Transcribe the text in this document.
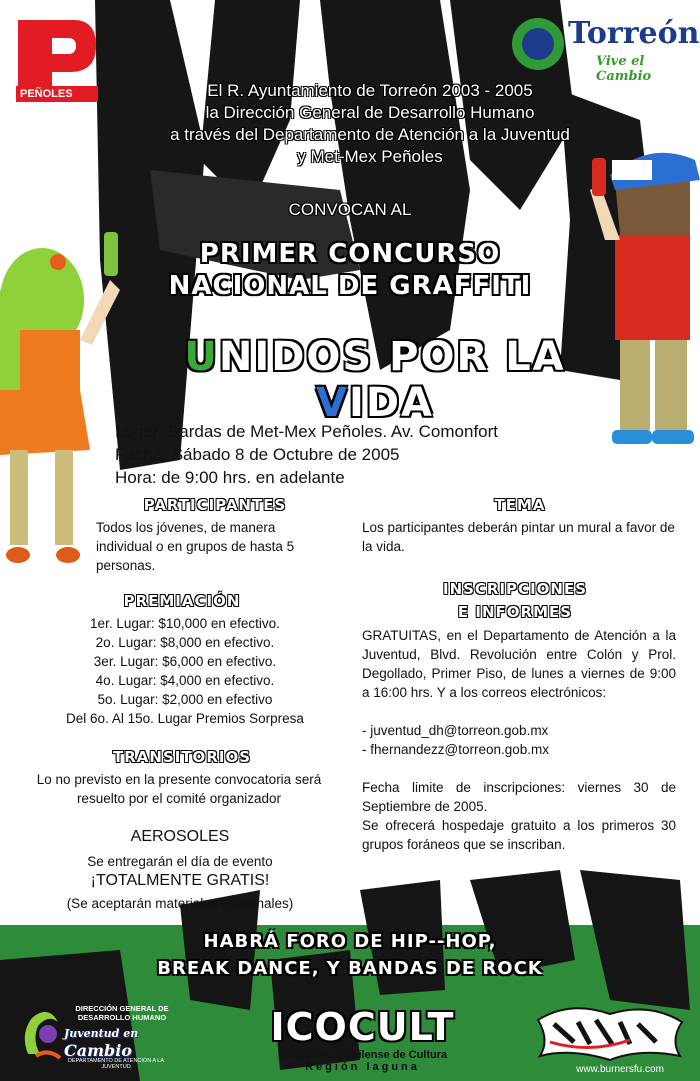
PEÑOLES
Torreón
Vive el Cambio
El R. Ayuntamiento de Torreón 2003 - 2005
la Dirección General de Desarrollo Humano
a través del Departamento de Atención a la Juventud
y Met-Mex Peñoles
CONVOCAN AL
PRIMER CONCURSO
NACIONAL DE GRAFFITI
UNIDOS POR LA VIDA
Lugar: Bardas de Met-Mex Peñoles. Av. Comonfort
Fecha: Sábado 8 de Octubre de 2005
Hora: de 9:00 hrs. en adelante
PARTICIPANTES
Todos los jóvenes, de manera individual o en grupos de hasta 5 personas.
TEMA
Los participantes deberán pintar un mural a favor de la vida.
PREMIACIÓN
1er. Lugar: $10,000 en efectivo.
2o. Lugar: $8,000 en efectivo.
3er. Lugar: $6,000 en efectivo.
4o. Lugar: $4,000 en efectivo.
5o. Lugar: $2,000 en efectivo
Del 6o. Al 15o. Lugar Premios Sorpresa
INSCRIPCIONES
E INFORMES
GRATUITAS, en el Departamento de Atención a la Juventud, Blvd. Revolución entre Colón y Prol. Degollado, Primer Piso, de lunes a viernes de 9:00 a 16:00 hrs. Y a los correos electrónicos:
- juventud_dh@torreon.gob.mx
- fhernandezz@torreon.gob.mx
Fecha limite de inscripciones: viernes 30 de Septiembre de 2005.
Se ofrecerá hospedaje gratuito a los primeros 30 grupos foráneos que se inscriban.
TRANSITORIOS
Lo no previsto en la presente convocatoria será resuelto por el comité organizador
AEROSOLES
Se entregarán el día de evento
¡TOTALMENTE GRATIS!
(Se aceptarán materiales adicionales)
HABRÁ FORO DE HIP--HOP,
BREAK DANCE, Y BANDAS DE ROCK
DIRECCIÓN GENERAL DE DESARROLLO HUMANO
Juventud en Cambio
DEPARTAMENTO DE ATENCIÓN A LA JUVENTUD
ICOCULT
Instituto Coahuilense de Cultura
Región laguna	www.burnersfu.com
